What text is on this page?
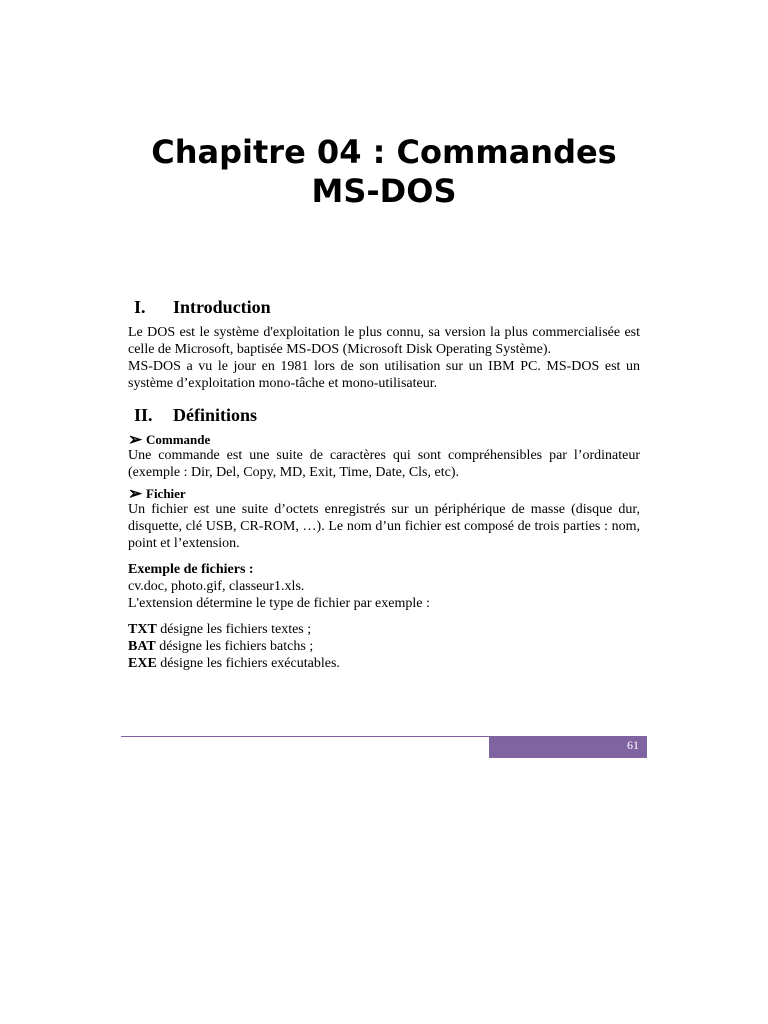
Chapitre 04 : Commandes
MS-DOS
I.	Introduction

Le DOS est le système d'exploitation le plus connu, sa version la plus commercialisée est celle de Microsoft, baptisée MS-DOS (Microsoft Disk Operating Système).

MS-DOS a vu le jour en 1981 lors de son utilisation sur un IBM PC. MS-DOS est un système d’exploitation mono-tâche et mono-utilisateur.

II.	Définitions
➢ Commande

Une commande est une suite de caractères qui sont compréhensibles par l’ordinateur (exemple : Dir, Del, Copy, MD, Exit, Time, Date, Cls, etc).

➢ Fichier

Un fichier est une suite d’octets enregistrés sur un périphérique de masse (disque dur, disquette, clé USB, CR-ROM, …). Le nom d’un fichier est composé de trois parties : nom, point et l’extension.

Exemple de fichiers :

cv.doc, photo.gif, classeur1.xls.

L'extension détermine le type de fichier par exemple :

TXT désigne les fichiers textes ;
BAT désigne les fichiers batchs ;
EXE désigne les fichiers exécutables.
61
